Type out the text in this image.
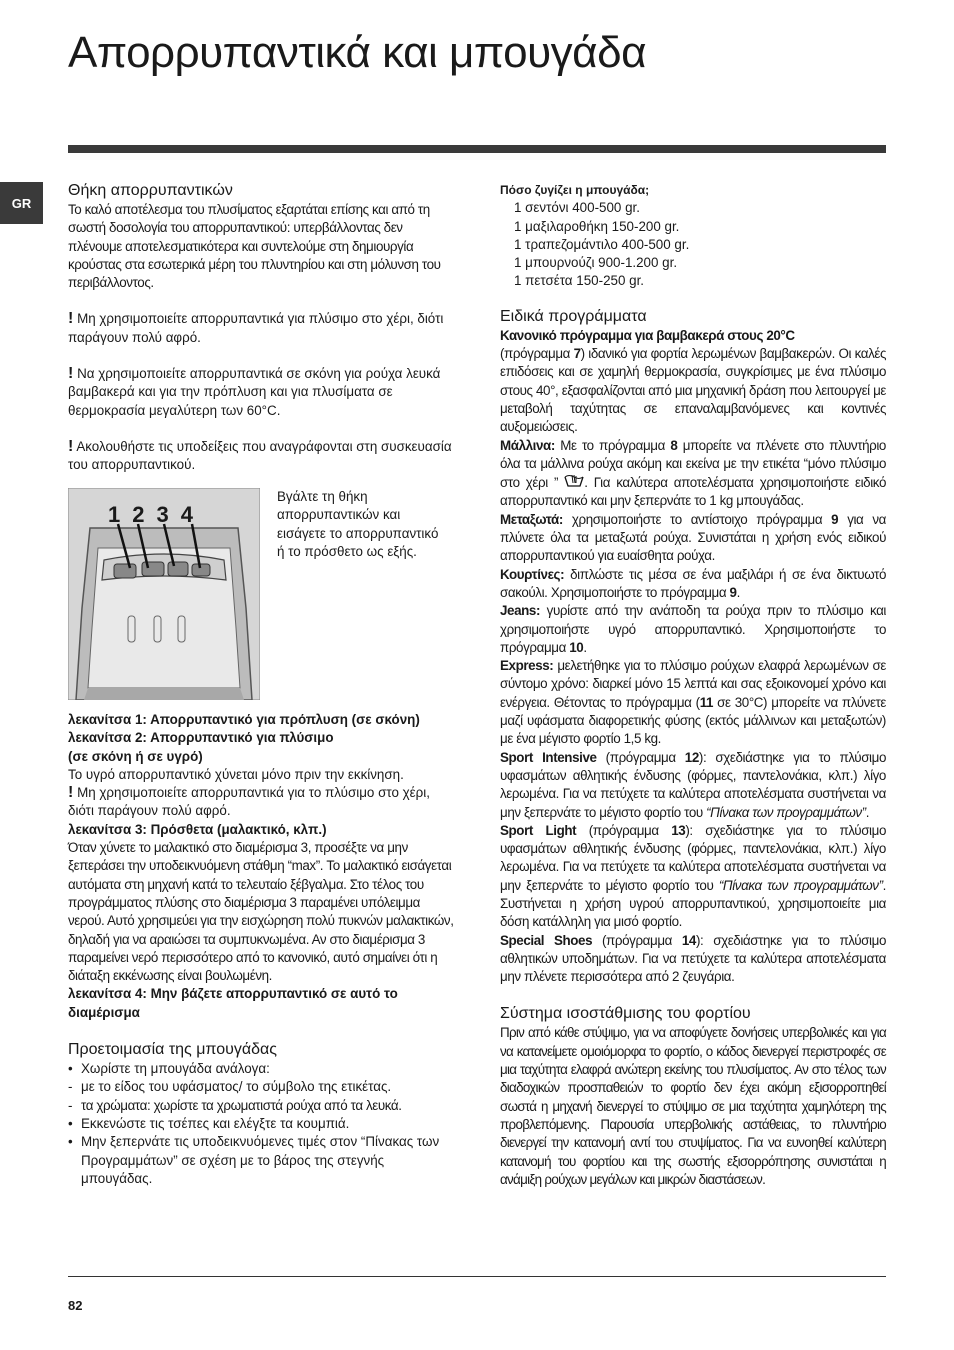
Απορρυπαντικά και μπουγάδα
GR
Θήκη απορρυπαντικών

Το καλό αποτέλεσμα του πλυσίματος εξαρτάται επίσης και από τη σωστή δοσολογία του απορρυπαντικού: υπερβάλλοντας δεν πλένουμε αποτελεσματικότερα και συντελούμε στη δημιουργία κρούστας στα εσωτερικά μέρη του πλυντηρίου και στη μόλυνση του περιβάλλοντος.

! Μη χρησιμοποιείτε απορρυπαντικά για πλύσιμο στο χέρι, διότι παράγουν πολύ αφρό.

! Να χρησιμοποιείτε απορρυπαντικά σε σκόνη για ρούχα λευκά βαμβακερά και για την πρόπλυση και για πλυσίματα σε θερμοκρασία μεγαλύτερη των 60°C.

! Ακολουθήστε τις υποδείξεις που αναγράφονται στη συσκευασία του απορρυπαντικού.

1234
Βγάλτε τη θήκη απορρυπαντικών και εισάγετε το απορρυπαντικό ή το πρόσθετο ως εξής.

λεκανίτσα 1: Απορρυπαντικό για πρόπλυση (σε σκόνη)

λεκανίτσα 2: Απορρυπαντικό για πλύσιμο

(σε σκόνη ή σε υγρό)

Το υγρό απορρυπαντικό χύνεται μόνο πριν την εκκίνηση.

! Μη χρησιμοποιείτε απορρυπαντικά για το πλύσιμο στο χέρι, διότι παράγουν πολύ αφρό.

λεκανίτσα 3: Πρόσθετα (μαλακτικό, κλπ.)

Όταν χύνετε το μαλακτικό στο διαμέρισμα 3, προσέξτε να μην ξεπεράσει την υποδεικνυόμενη στάθμη “max”. Το μαλακτικό εισάγεται αυτόματα στη μηχανή κατά το τελευταίο ξέβγαλμα. Στο τέλος του προγράμματος πλύσης στο διαμέρισμα 3 παραμένει υπόλειμμα νερού. Αυτό χρησιμεύει για την εισχώρηση πολύ πυκνών μαλακτικών, δηλαδή για να αραιώσει τα συμπυκνωμένα. Αν στο διαμέρισμα 3 παραμείνει νερό περισσότερο από το κανονικό, αυτό σημαίνει ότι η διάταξη εκκένωσης είναι βουλωμένη.

λεκανίτσα 4: Μην βάζετε απορρυπαντικό σε αυτό το διαμέρισμα

Προετοιμασία της μπουγάδας
• Χωρίστε τη μπουγάδα ανάλογα:
- με το είδος του υφάσματος/ το σύμβολο της ετικέτας.
- τα χρώματα: χωρίστε τα χρωματιστά ρούχα από τα λευκά.
• Εκκενώστε τις τσέπες και ελέγξτε τα κουμπιά.
• Μην ξεπερνάτε τις υποδεικνυόμενες τιμές στον “Πίνακας των Προγραμμάτων” σε σχέση με το βάρος της στεγνής μπουγάδας.

Πόσο ζυγίζει η μπουγάδα;

1 σεντόνι 400-500 gr.

1 μαξιλαροθήκη 150-200 gr.

1 τραπεζομάντιλο 400-500 gr.

1 μπουρνούζι 900-1.200 gr.

1 πετσέτα 150-250 gr.

Ειδικά προγράμματα

Κανονικό πρόγραμμα για βαμβακερά στους 20°C

(πρόγραμμα 7) ιδανικό για φορτία λερωμένων βαμβακερών. Οι καλές επιδόσεις και σε χαμηλή θερμοκρασία, συγκρίσιμες με ένα πλύσιμο στους 40°, εξασφαλίζονται από μια μηχανική δράση που λειτουργεί με μεταβολή ταχύτητας σε επαναλαμβανόμενες και κοντινές αυξομειώσεις.

Μάλλινα: Με το πρόγραμμα 8 μπορείτε να πλένετε στο πλυντήριο όλα τα μάλλινα ρούχα ακόμη και εκείνα με την ετικέτα “μόνο πλύσιμο στο χέρι ” . Για καλύτερα αποτελέσματα χρησιμοποιήστε ειδικό απορρυπαντικό και μην ξεπερνάτε το 1 kg μπουγάδας.

Μεταξωτά: χρησιμοποιήστε το αντίστοιχο πρόγραμμα 9 για να πλύνετε όλα τα μεταξωτά ρούχα. Συνιστάται η χρήση ενός ειδικού απορρυπαντικού για ευαίσθητα ρούχα.

Κουρτίνες: διπλώστε τις μέσα σε ένα μαξιλάρι ή σε ένα δικτυωτό σακούλι. Χρησιμοποιήστε το πρόγραμμα 9.

Jeans: γυρίστε από την ανάποδη τα ρούχα πριν το πλύσιμο και χρησιμοποιήστε υγρό απορρυπαντικό. Χρησιμοποιήστε το πρόγραμμα 10.

Express: μελετήθηκε για το πλύσιμο ρούχων ελαφρά λερωμένων σε σύντομο χρόνο: διαρκεί μόνο 15 λεπτά και σας εξοικονομεί χρόνο και ενέργεια. Θέτοντας το πρόγραμμα (11 σε 30°C) μπορείτε να πλύνετε μαζί υφάσματα διαφορετικής φύσης (εκτός μάλλινων και μεταξωτών) με ένα μέγιστο φορτίο 1,5 kg.

Sport Intensive (πρόγραμμα 12): σχεδιάστηκε για το πλύσιμο υφασμάτων αθλητικής ένδυσης (φόρμες, παντελονάκια, κλπ.) λίγο λερωμένα. Για να πετύχετε τα καλύτερα αποτελέσματα συστήνεται να μην ξεπερνάτε το μέγιστο φορτίο του “Πίνακα των προγραμμάτων”.

Sport Light (πρόγραμμα 13): σχεδιάστηκε για το πλύσιμο υφασμάτων αθλητικής ένδυσης (φόρμες, παντελονάκια, κλπ.) λίγο λερωμένα. Για να πετύχετε τα καλύτερα αποτελέσματα συστήνεται να μην ξεπερνάτε το μέγιστο φορτίο του “Πίνακα των προγραμμάτων”. Συστήνεται η χρήση υγρού απορρυπαντικού, χρησιμοποιείτε μια δόση κατάλληλη για μισό φορτίο.

Special Shoes (πρόγραμμα 14): σχεδιάστηκε για το πλύσιμο αθλητικών υποδημάτων. Για να πετύχετε τα καλύτερα αποτελέσματα μην πλένετε περισσότερα από 2 ζευγάρια.

Σύστημα ισοστάθμισης του φορτίου

Πριν από κάθε στύψιμο, για να αποφύγετε δονήσεις υπερβολικές και για να κατανείμετε ομοιόμορφα το φορτίο, ο κάδος διενεργεί περιστροφές σε μια ταχύτητα ελαφρά ανώτερη εκείνης του πλυσίματος. Αν στο τέλος των διαδοχικών προσπαθειών το φορτίο δεν έχει ακόμη εξισορροπηθεί σωστά η μηχανή διενεργεί το στύψιμο σε μια ταχύτητα χαμηλότερη της προβλεπόμενης. Παρουσία υπερβολικής αστάθειας, το πλυντήριο διενεργεί την κατανομή αντί του στυψίματος. Για να ευνοηθεί καλύτερη κατανομή του φορτίου και της σωστής εξισορρόπησης συνιστάται η ανάμιξη ρούχων μεγάλων και μικρών διαστάσεων.

82
